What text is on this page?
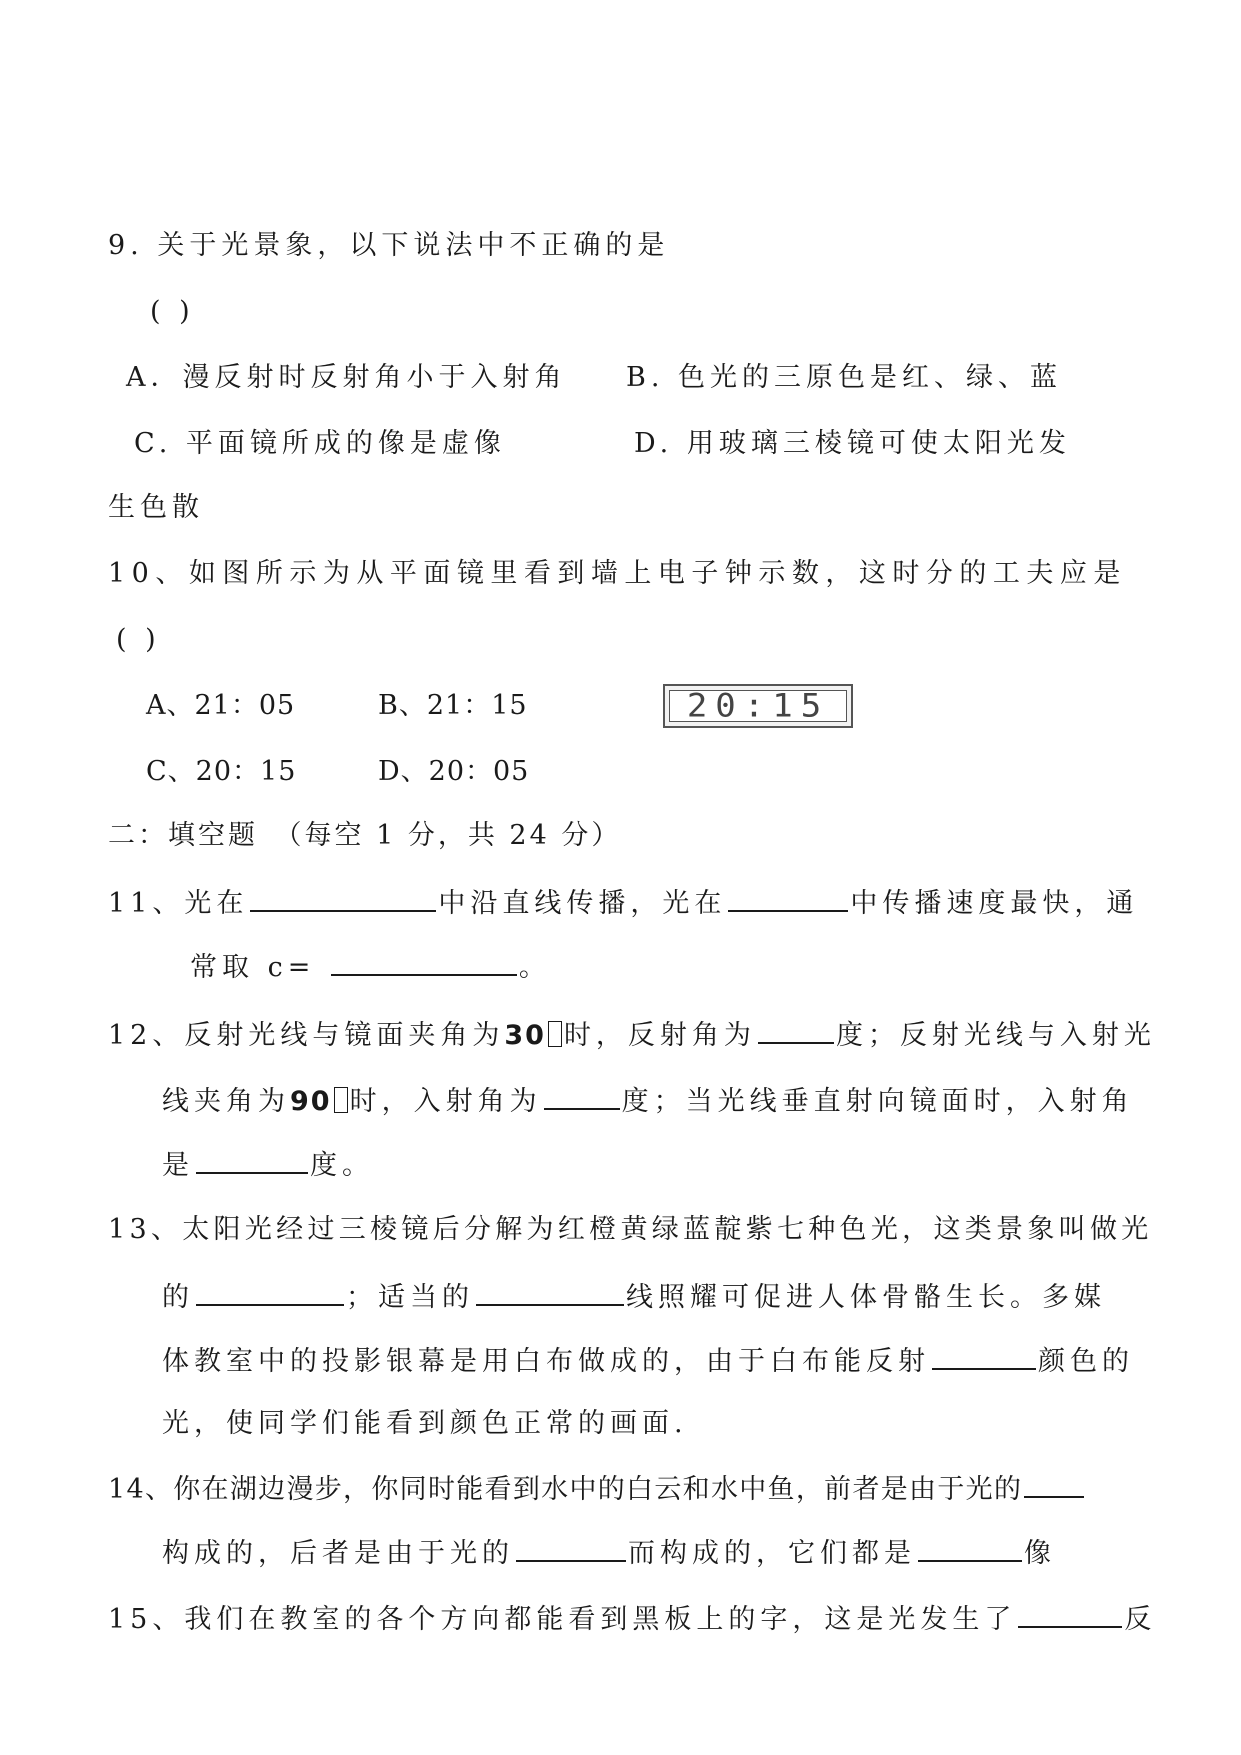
9. 关于光景象，以下说法中不正确的是
( )
A．漫反射时反射角小于入射角 B. 色光的三原色是红、绿、蓝
C. 平面镜所成的像是虚像	D. 用玻璃三棱镜可使太阳光发
生色散
10、如图所示为从平面镜里看到墙上电子钟示数，这时分的工夫应是
( )
A、21：05	B、21：15
C、20：15	D、20：05
20:15
二：填空题　（每空 1 分，共 24 分）
11、光在	中沿直线传播，光在	中传播速度最快，通
常取 c=	。
12、反射光线与镜面夹角为30 时，反射角为	度；反射光线与入射光
线夹角为90 时，入射角为	度；当光线垂直射向镜面时，入射角
是	度。
13、太阳光经过三棱镜后分解为红橙黄绿蓝靛紫七种色光，这类景象叫做光
的	；适当的	线照耀可促进人体骨骼生长。多媒
体教室中的投影银幕是用白布做成的，由于白布能反射	颜色的
光，使同学们能看到颜色正常的画面.
14、你在湖边漫步，你同时能看到水中的白云和水中鱼，前者是由于光的
构成的，后者是由于光的	而构成的，它们都是	像
15、我们在教室的各个方向都能看到黑板上的字，这是光发生了	反
